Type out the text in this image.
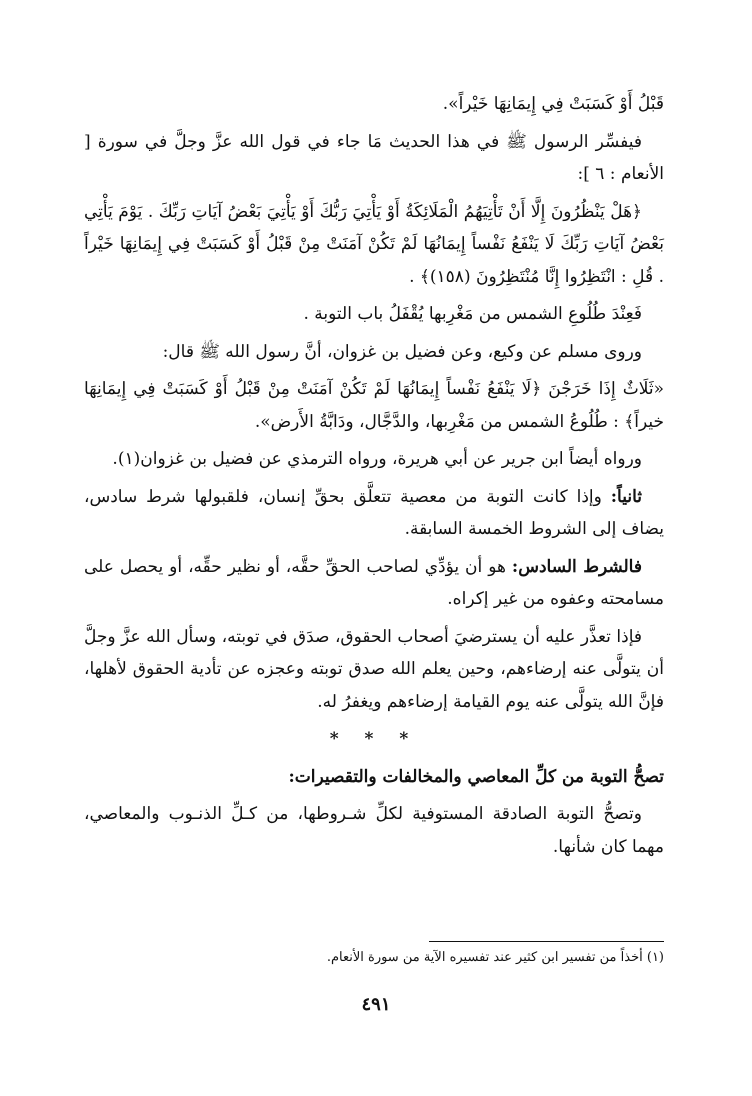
قَبْلُ أَوْ كَسَبَتْ فِي إِيمَانِهَا خَيْراً».

فيفسِّر الرسول ﷺ في هذا الحديث مَا جاء في قول الله عزَّ وجلَّ في سورة [ الأنعام : ٦ ]:

﴿هَلْ يَنْظُرُونَ إِلَّا أَنْ تَأْتِيَهُمُ الْمَلَائِكَةُ أَوْ يَأْتِيَ رَبُّكَ أَوْ يَأْتِيَ بَعْضُ آيَاتِ رَبِّكَ . يَوْمَ يَأْتِي بَعْضُ آيَاتِ رَبِّكَ لَا يَنْفَعُ نَفْساً إِيمَانُهَا لَمْ تَكُنْ آمَنَتْ مِنْ قَبْلُ أَوْ كَسَبَتْ فِي إِيمَانِهَا خَيْراً . قُلِ : انْتَظِرُوا إِنَّا مُنْتَظِرُونَ (١٥٨)﴾ .

فَعِنْدَ طُلُوعِ الشمس من مَغْرِبها يُقْفَلُ باب التوبة .

وروى مسلم عن وكيع، وعن فضيل بن غزوان، أنَّ رسول الله ﷺ قال:

«ثَلَاثٌ إِذَا خَرَجْنَ ﴿لَا يَنْفَعُ نَفْساً إِيمَانُهَا لَمْ تَكُنْ آمَنَتْ مِنْ قَبْلُ أَوْ كَسَبَتْ فِي إِيمَانِهَا خيراً﴾ : طُلُوعُ الشمس من مَغْرِبها، والدَّجَّال، ودَابَّةُ الأَرض».

ورواه أيضاً ابن جرير عن أبي هريرة، ورواه الترمذي عن فضيل بن غزوان(١).

ثانياً: وإذا كانت التوبة من معصية تتعلَّق بحقِّ إنسان، فلقبولها شرط سادس، يضاف إلى الشروط الخمسة السابقة.

فالشرط السادس: هو أن يؤدِّي لصاحب الحقِّ حقَّه، أو نظير حقِّه، أو يحصل على مسامحته وعفوه من غير إكراه.

فإذا تعذَّر عليه أن يسترضيَ أصحاب الحقوق، صدَق في توبته، وسأل الله عزَّ وجلَّ أن يتولَّى عنه إرضاءهم، وحين يعلم الله صدق توبته وعجزه عن تأدية الحقوق لأهلها، فإنَّ الله يتولَّى عنه يوم القيامة إرضاءهم ويغفرُ له.

* * *

تصحُّ التوبة من كلِّ المعاصي والمخالفات والتقصيرات:

وتصحُّ التوبة الصادقة المستوفية لكلِّ شـروطها، من كـلِّ الذنـوب والمعاصي، مهما كان شأنها.

(١) أخذاً من تفسير ابن كثير عند تفسيره الآية من سورة الأنعام.
٤٩١
